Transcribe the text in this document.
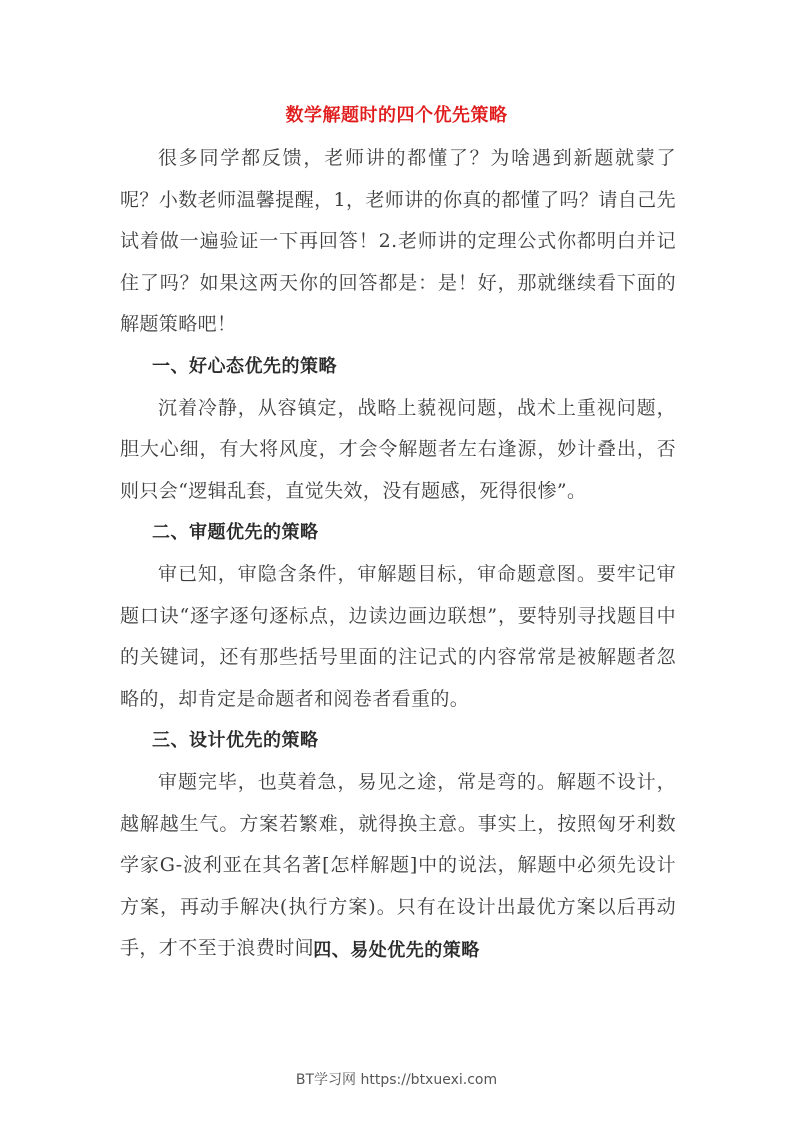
数学解题时的四个优先策略

很多同学都反馈，老师讲的都懂了？为啥遇到新题就蒙了呢？小数老师温馨提醒，1，老师讲的你真的都懂了吗？请自己先试着做一遍验证一下再回答！2.老师讲的定理公式你都明白并记住了吗？如果这两天你的回答都是：是！好，那就继续看下面的解题策略吧！

一、好心态优先的策略

沉着冷静，从容镇定，战略上藐视问题，战术上重视问题，胆大心细，有大将风度，才会令解题者左右逢源，妙计叠出，否则只会“逻辑乱套，直觉失效，没有题感，死得很惨”。

二、审题优先的策略

审已知，审隐含条件，审解题目标，审命题意图。要牢记审题口诀“逐字逐句逐标点，边读边画边联想”，要特别寻找题目中的关键词，还有那些括号里面的注记式的内容常常是被解题者忽略的，却肯定是命题者和阅卷者看重的。

三、设计优先的策略

审题完毕，也莫着急，易见之途，常是弯的。解题不设计，越解越生气。方案若繁难，就得换主意。事实上，按照匈牙利数学家G-波利亚在其名著[怎样解题]中的说法，解题中必须先设计方案，再动手解决(执行方案)。只有在设计出最优方案以后再动手，才不至于浪费时间。

四、易处优先的策略

BT学习网 https://btxuexi.com
